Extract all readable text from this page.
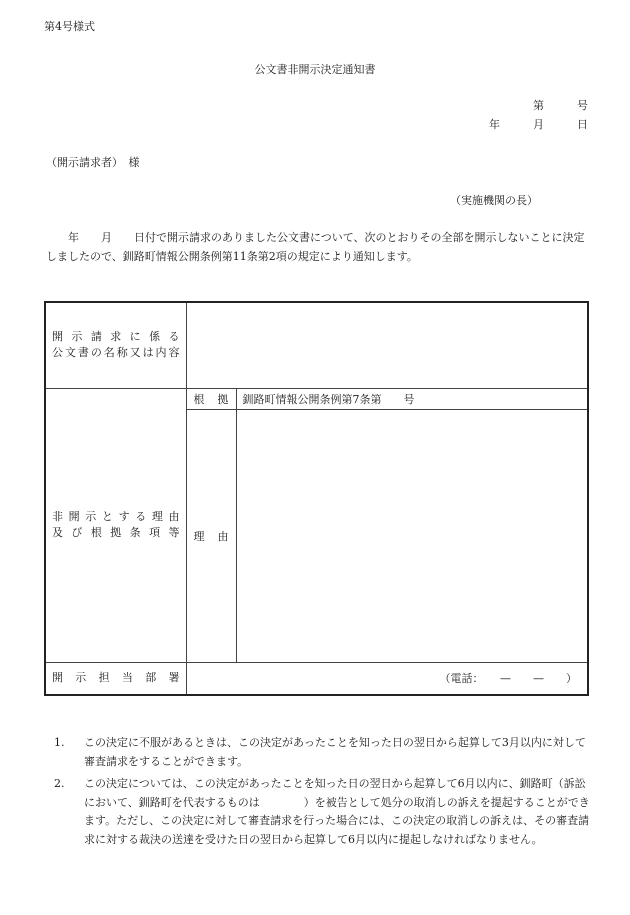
第4号様式
公文書非開示決定通知書
第　　　号
年　　　月　　　日
（開示請求者）　様
（実施機関の長）
　　年　　月　　日付で開示請求のありました公文書について、次のとおりその全部を開示しないことに決定しましたので、釧路町情報公開条例第11条第2項の規定により通知します。
開示請求に係る
公文書の名称又は内容		

非開示とする理由
及び根拠条項等	根拠	釧路町情報公開条例第7条第　　号
	理由	
開示担当部署	（電話：　　—　　—　　）	
1.	この決定に不服があるときは、この決定があったことを知った日の翌日から起算して3月以内に対して審査請求をすることができます。
2.	この決定については、この決定があったことを知った日の翌日から起算して6月以内に、釧路町（訴訟において、釧路町を代表するものは　　　　）を被告として処分の取消しの訴えを提起することができます。ただし、この決定に対して審査請求を行った場合には、この決定の取消しの訴えは、その審査請求に対する裁決の送達を受けた日の翌日から起算して6月以内に提起しなければなりません。
